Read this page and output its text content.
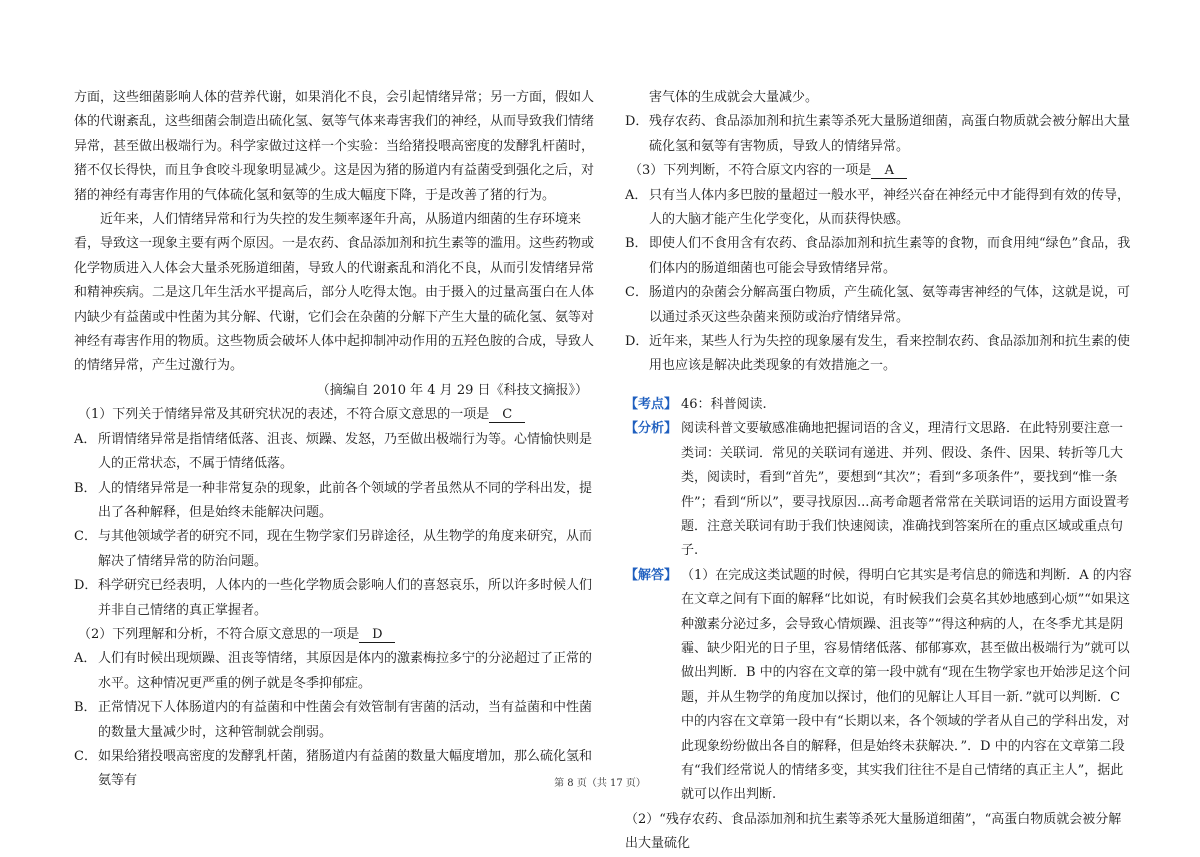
方面，这些细菌影响人体的营养代谢，如果消化不良，会引起情绪异常；另一方面，假如人体的代谢紊乱，这些细菌会制造出硫化氢、氨等气体来毒害我们的神经，从而导致我们情绪异常，甚至做出极端行为。科学家做过这样一个实验：当给猪投喂高密度的发酵乳杆菌时，猪不仅长得快，而且争食咬斗现象明显减少。这是因为猪的肠道内有益菌受到强化之后，对猪的神经有毒害作用的气体硫化氢和氨等的生成大幅度下降，于是改善了猪的行为。

近年来，人们情绪异常和行为失控的发生频率逐年升高，从肠道内细菌的生存环境来看，导致这一现象主要有两个原因。一是农药、食品添加剂和抗生素等的滥用。这些药物或化学物质进入人体会大量杀死肠道细菌，导致人的代谢紊乱和消化不良，从而引发情绪异常和精神疾病。二是这几年生活水平提高后，部分人吃得太饱。由于摄入的过量高蛋白在人体内缺少有益菌或中性菌为其分解、代谢，它们会在杂菌的分解下产生大量的硫化氢、氨等对神经有毒害作用的物质。这些物质会破坏人体中起抑制冲动作用的五羟色胺的合成，导致人的情绪异常，产生过激行为。

（摘编自 2010 年 4 月 29 日《科技文摘报》）

（1）下列关于情绪异常及其研究状况的表述，不符合原文意思的一项是 C

A． 所谓情绪异常是指情绪低落、沮丧、烦躁、发怒，乃至做出极端行为等。心情愉快则是人的正常状态，不属于情绪低落。
B． 人的情绪异常是一种非常复杂的现象，此前各个领域的学者虽然从不同的学科出发，提出了各种解释，但是始终未能解决问题。
C． 与其他领域学者的研究不同，现在生物学家们另辟途径，从生物学的角度来研究，从而解决了情绪异常的防治问题。
D． 科学研究已经表明，人体内的一些化学物质会影响人们的喜怒哀乐，所以许多时候人们并非自己情绪的真正掌握者。

（2）下列理解和分析，不符合原文意思的一项是 D

A． 人们有时候出现烦躁、沮丧等情绪，其原因是体内的激素梅拉多宁的分泌超过了正常的水平。这种情况更严重的例子就是冬季抑郁症。
B． 正常情况下人体肠道内的有益菌和中性菌会有效管制有害菌的活动，当有益菌和中性菌的数量大量减少时，这种管制就会削弱。
C． 如果给猪投喂高密度的发酵乳杆菌，猪肠道内有益菌的数量大幅度增加，那么硫化氢和氨等有

害气体的生成就会大量减少。

D． 残存农药、食品添加剂和抗生素等杀死大量肠道细菌，高蛋白物质就会被分解出大量硫化氢和氨等有害物质，导致人的情绪异常。

（3）下列判断，不符合原文内容的一项是 A

A． 只有当人体内多巴胺的量超过一般水平，神经兴奋在神经元中才能得到有效的传导，人的大脑才能产生化学变化，从而获得快感。
B． 即使人们不食用含有农药、食品添加剂和抗生素等的食物，而食用纯“绿色”食品，我们体内的肠道细菌也可能会导致情绪异常。
C． 肠道内的杂菌会分解高蛋白物质，产生硫化氢、氨等毒害神经的气体，这就是说，可以通过杀灭这些杂菌来预防或治疗情绪异常。
D． 近年来，某些人行为失控的现象屡有发生，看来控制农药、食品添加剂和抗生素的使用也应该是解决此类现象的有效措施之一。
【考点】 46：科普阅读.
【分析】 阅读科普文要敏感准确地把握词语的含义，理清行文思路．在此特别要注意一类词：关联词．常见的关联词有递进、并列、假设、条件、因果、转折等几大类，阅读时，看到“首先”，要想到“其次”；看到“多项条件”，要找到“惟一条件”；看到“所以”，要寻找原因...高考命题者常常在关联词语的运用方面设置考题．注意关联词有助于我们快速阅读，准确找到答案所在的重点区域或重点句子.
【解答】 （1）在完成这类试题的时候，得明白它其实是考信息的筛选和判断．A 的内容在文章之间有下面的解释“比如说，有时候我们会莫名其妙地感到心烦”“如果这种激素分泌过多，会导致心情烦躁、沮丧等”“得这种病的人，在冬季尤其是阴霾、缺少阳光的日子里，容易情绪低落、郁郁寡欢，甚至做出极端行为”就可以做出判断．B 中的内容在文章的第一段中就有“现在生物学家也开始涉足这个问题，并从生物学的角度加以探讨，他们的见解让人耳目一新．”就可以判断．C 中的内容在文章第一段中有“长期以来，各个领域的学者从自己的学科出发，对此现象纷纷做出各自的解释，但是始终未获解决．”．D 中的内容在文章第二段有“我们经常说人的情绪多变，其实我们往往不是自己情绪的真正主人”，据此就可以作出判断.

（2）“残存农药、食品添加剂和抗生素等杀死大量肠道细菌”，“高蛋白物质就会被分解出大量硫化

第 8 页（共 17 页）
